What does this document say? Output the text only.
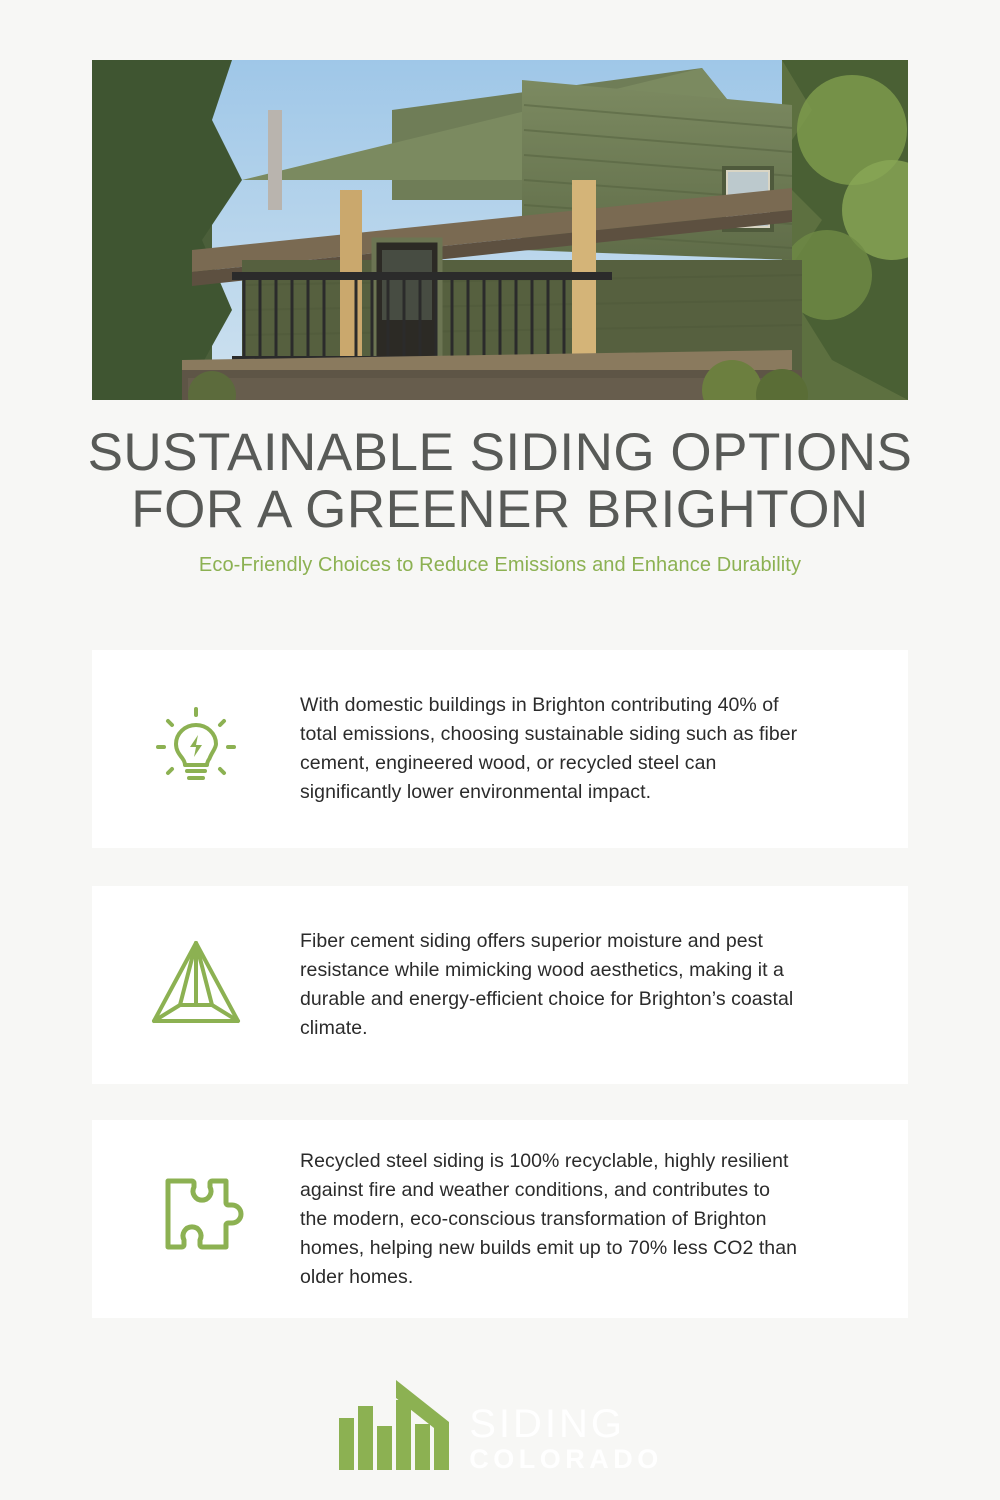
SUSTAINABLE SIDING OPTIONS FOR A GREENER BRIGHTON

Eco-Friendly Choices to Reduce Emissions and Enhance Durability

With domestic buildings in Brighton contributing 40% of total emissions, choosing sustainable siding such as fiber cement, engineered wood, or recycled steel can significantly lower environmental impact.
Fiber cement siding offers superior moisture and pest resistance while mimicking wood aesthetics, making it a durable and energy-efficient choice for Brighton’s coastal climate.
Recycled steel siding is 100% recyclable, highly resilient against fire and weather conditions, and contributes to the modern, eco-conscious transformation of Brighton homes, helping new builds emit up to 70% less CO2 than older homes.
SIDING
COLORADO
